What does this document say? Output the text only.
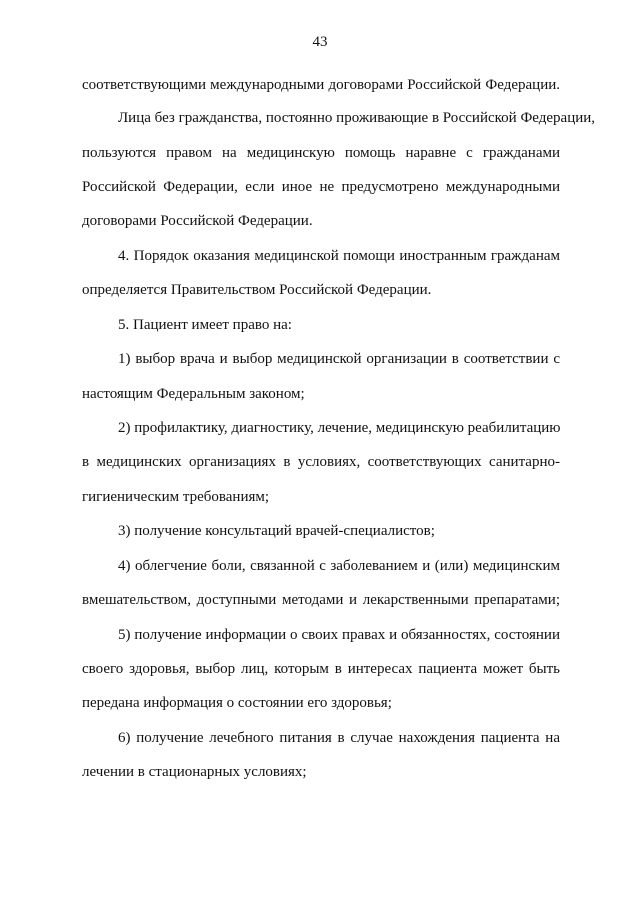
43
соответствующими международными договорами Российской Федерации.
Лица без гражданства, постоянно проживающие в Российской Федерации,
пользуются правом на медицинскую помощь наравне с гражданами
Российской Федерации, если иное не предусмотрено международными
договорами Российской Федерации.
4. Порядок оказания медицинской помощи иностранным гражданам
определяется Правительством Российской Федерации.
5. Пациент имеет право на:
1) выбор врача и выбор медицинской организации в соответствии с
настоящим Федеральным законом;
2) профилактику, диагностику, лечение, медицинскую реабилитацию
в медицинских организациях в условиях, соответствующих санитарно-
гигиеническим требованиям;
3) получение консультаций врачей-специалистов;
4) облегчение боли, связанной с заболеванием и (или) медицинским
вмешательством, доступными методами и лекарственными препаратами;
5) получение информации о своих правах и обязанностях, состоянии
своего здоровья, выбор лиц, которым в интересах пациента может быть
передана информация о состоянии его здоровья;
6) получение лечебного питания в случае нахождения пациента на
лечении в стационарных условиях;
